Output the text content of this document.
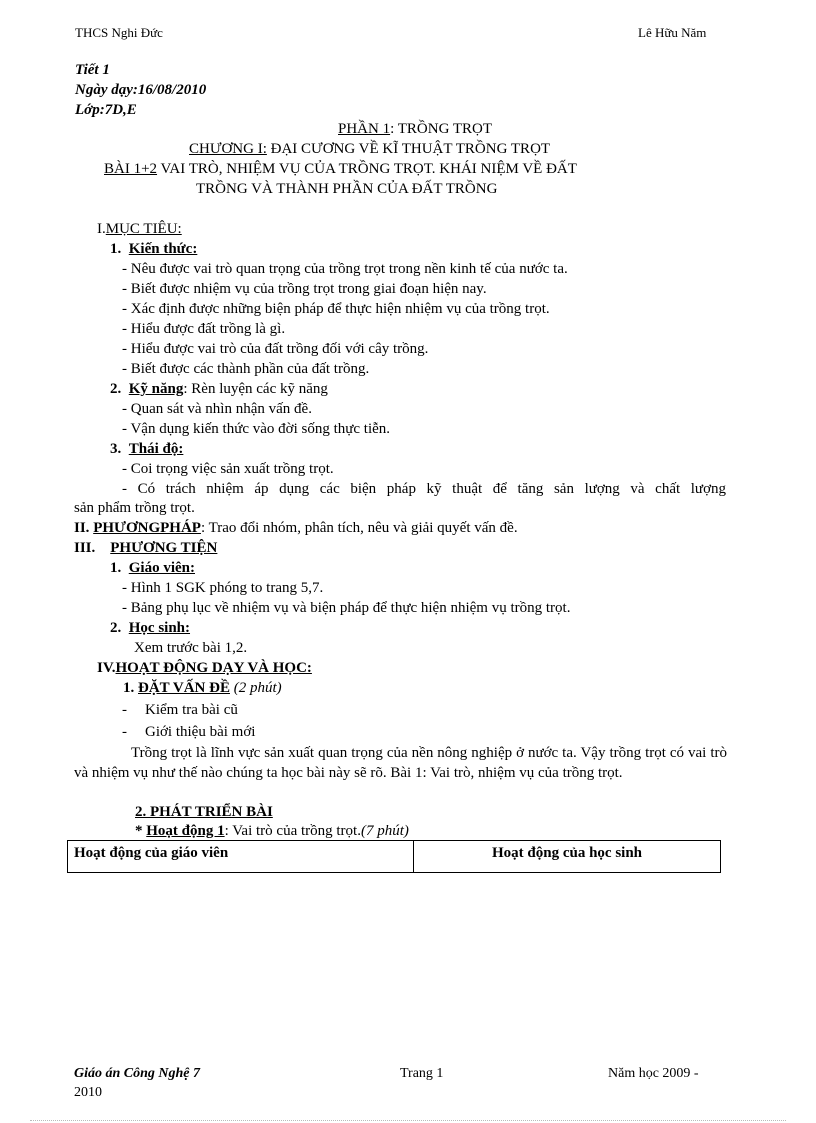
THCS Nghi Đức	Lê Hữu Năm
Tiết 1
Ngày dạy:16/08/2010
Lớp:7D,E
PHẦN 1: TRỒNG TRỌT
CHƯƠNG I: ĐẠI CƯƠNG VỀ KĨ THUẬT TRỒNG TRỌT
BÀI 1+2 VAI TRÒ, NHIỆM VỤ CỦA TRỒNG TRỌT. KHÁI NIỆM VỀ ĐẤT
TRỒNG VÀ THÀNH PHẦN CỦA ĐẤT TRỒNG
I.MỤC TIÊU:
1. Kiến thức:
- Nêu được vai trò quan trọng của trồng trọt trong nền kinh tế của nước ta.
- Biết được nhiệm vụ của trồng trọt trong giai đoạn hiện nay.
- Xác định được những biện pháp để thực hiện nhiệm vụ của trồng trọt.
- Hiểu được đất trồng là gì.
- Hiểu được vai trò của đất trồng đối với cây trồng.
- Biết được các thành phần của đất trồng.
2. Kỹ năng: Rèn luyện các kỹ năng
- Quan sát và nhìn nhận vấn đề.
- Vận dụng kiến thức vào đời sống thực tiễn.
3. Thái độ:
- Coi trọng việc sản xuất trồng trọt.
- Có trách nhiệm áp dụng các biện pháp kỹ thuật để tăng sản lượng và chất lượng
sản phẩm trồng trọt.
II. PHƯƠNGPHÁP: Trao đổi nhóm, phân tích, nêu và giải quyết vấn đề.
III. PHƯƠNG TIỆN
1. Giáo viên:
- Hình 1 SGK phóng to trang 5,7.
- Bảng phụ lục về nhiệm vụ và biện pháp để thực hiện nhiệm vụ trồng trọt.
2. Học sinh:
Xem trước bài 1,2.
IV.HOẠT ĐỘNG DẠY VÀ HỌC:
1. ĐẶT VẤN ĐỀ (2 phút)
- Kiểm tra bài cũ
- Giới thiệu bài mới
Trồng trọt là lĩnh vực sản xuất quan trọng của nền nông nghiệp ở nước ta. Vậy trồng trọt có vai trò và nhiệm vụ như thế nào chúng ta học bài này sẽ rõ. Bài 1: Vai trò, nhiệm vụ của trồng trọt.
2. PHÁT TRIỂN BÀI
* Hoạt động 1: Vai trò của trồng trọt.(7 phút)
Hoạt động của giáo viên	Hoạt động của học sinh
Giáo án Công Nghệ 7	Trang 1	Năm học 2009 -
2010
